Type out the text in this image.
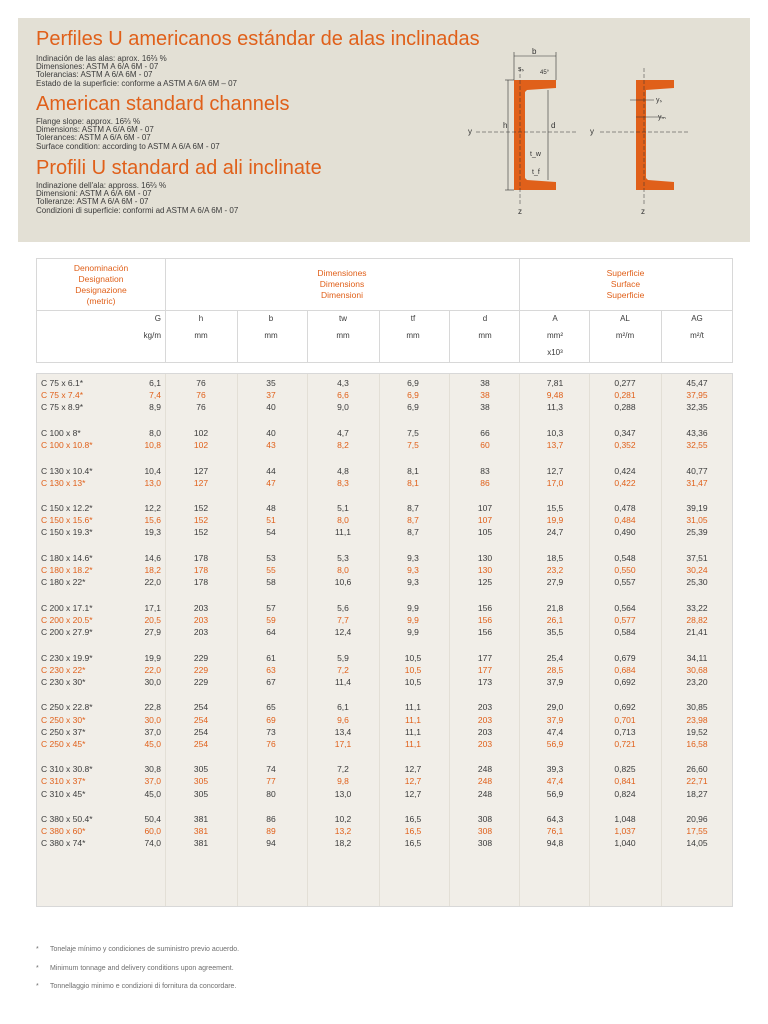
Perfiles U americanos estándar de alas inclinadas
Indinación de las alas: aprox. 16⅔ %
Dimensiones: ASTM A 6/A 6M - 07
Tolerancias: ASTM A 6/A 6M - 07
Estado de la superficie: conforme a ASTM A 6/A 6M – 07
American standard channels
Flange slope: approx. 16⅔ %
Dimensions: ASTM A 6/A 6M - 07
Tolerances: ASTM A 6/A 6M - 07
Surface condition: according to ASTM A 6/A 6M - 07
Profili U standard ad ali inclinate
Indinazione dell'ala: appross. 16⅔ %
Dimensioni: ASTM A 6/A 6M - 07
Tolleranze: ASTM A 6/A 6M - 07
Condizioni di superficie: conformi ad ASTM A 6/A 6M - 07
h	d
b
sₛ	45°
y
z
t_w
t_f
y
z
yₛ
yₘ
Denominación
Designation
Designazione
(metric)
Dimensiones
Dimensions
Dimensioni
Superficie
Surface
Superficie
G	h	b	tw	tf	d	A	AL	AG
kg/m	mm	mm	mm	mm	mm	mm²	m²/m	m²/t
x10³
C 75 x 6.1*	6,1	76	35	4,3	6,9	38	7,81	0,277	45,47
C 75 x 7.4*	7,4	76	37	6,6	6,9	38	9,48	0,281	37,95
C 75 x 8.9*	8,9	76	40	9,0	6,9	38	11,3	0,288	32,35
C 100 x 8*	8,0	102	40	4,7	7,5	66	10,3	0,347	43,36
C 100 x 10.8*	10,8	102	43	8,2	7,5	60	13,7	0,352	32,55
C 130 x 10.4*	10,4	127	44	4,8	8,1	83	12,7	0,424	40,77
C 130 x 13*	13,0	127	47	8,3	8,1	86	17,0	0,422	31,47
C 150 x 12.2*	12,2	152	48	5,1	8,7	107	15,5	0,478	39,19
C 150 x 15.6*	15,6	152	51	8,0	8,7	107	19,9	0,484	31,05
C 150 x 19.3*	19,3	152	54	11,1	8,7	105	24,7	0,490	25,39
C 180 x 14.6*	14,6	178	53	5,3	9,3	130	18,5	0,548	37,51
C 180 x 18.2*	18,2	178	55	8,0	9,3	130	23,2	0,550	30,24
C 180 x 22*	22,0	178	58	10,6	9,3	125	27,9	0,557	25,30
C 200 x 17.1*	17,1	203	57	5,6	9,9	156	21,8	0,564	33,22
C 200 x 20.5*	20,5	203	59	7,7	9,9	156	26,1	0,577	28,82
C 200 x 27.9*	27,9	203	64	12,4	9,9	156	35,5	0,584	21,41
C 230 x 19.9*	19,9	229	61	5,9	10,5	177	25,4	0,679	34,11
C 230 x 22*	22,0	229	63	7,2	10,5	177	28,5	0,684	30,68
C 230 x 30*	30,0	229	67	11,4	10,5	173	37,9	0,692	23,20
C 250 x 22.8*	22,8	254	65	6,1	11,1	203	29,0	0,692	30,85
C 250 x 30*	30,0	254	69	9,6	11,1	203	37,9	0,701	23,98
C 250 x 37*	37,0	254	73	13,4	11,1	203	47,4	0,713	19,52
C 250 x 45*	45,0	254	76	17,1	11,1	203	56,9	0,721	16,58
C 310 x 30.8*	30,8	305	74	7,2	12,7	248	39,3	0,825	26,60
C 310 x 37*	37,0	305	77	9,8	12,7	248	47,4	0,841	22,71
C 310 x 45*	45,0	305	80	13,0	12,7	248	56,9	0,824	18,27
C 380 x 50.4*	50,4	381	86	10,2	16,5	308	64,3	1,048	20,96
C 380 x 60*	60,0	381	89	13,2	16,5	308	76,1	1,037	17,55
C 380 x 74*	74,0	381	94	18,2	16,5	308	94,8	1,040	14,05
* Tonelaje mínimo y condiciones de suministro previo acuerdo.
* Minimum tonnage and delivery conditions upon agreement.
* Tonnellaggio minimo e condizioni di fornitura da concordare.
